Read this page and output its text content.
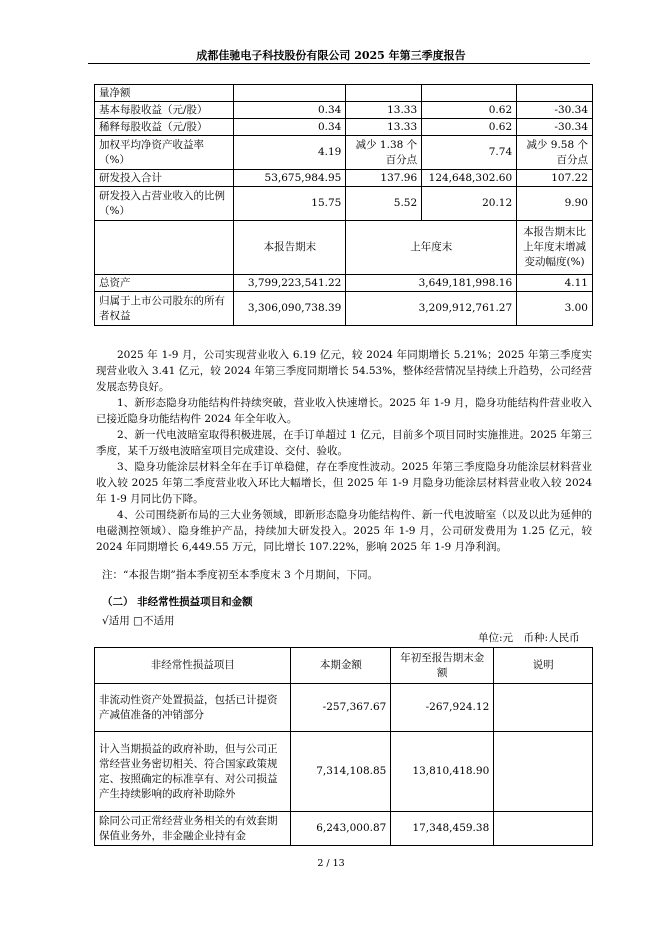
成都佳驰电子科技股份有限公司 2025 年第三季度报告
量净额				
基本每股收益（元/股）	0.34	13.33	0.62	-30.34
稀释每股收益（元/股）	0.34	13.33	0.62	-30.34
加权平均净资产收益率（%）	4.19	减少 1.38 个百分点	7.74	减少 9.58 个百分点
研发投入合计	53,675,984.95	137.96	124,648,302.60	107.22
研发投入占营业收入的比例（%）	15.75	5.52	20.12	9.90
	本报告期末	上年度末		本报告期末比上年度末增减变动幅度(%)
总资产	3,799,223,541.22	3,649,181,998.16		4.11
归属于上市公司股东的所有者权益	3,306,090,738.39	3,209,912,761.27		3.00

2025 年 1-9 月，公司实现营业收入 6.19 亿元，较 2024 年同期增长 5.21%；2025 年第三季度实现营业收入 3.41 亿元，较 2024 年第三季度同期增长 54.53%，整体经营情况呈持续上升趋势，公司经营发展态势良好。

1、新形态隐身功能结构件持续突破，营业收入快速增长。2025 年 1-9 月，隐身功能结构件营业收入已接近隐身功能结构件 2024 年全年收入。

2、新一代电波暗室取得积极进展，在手订单超过 1 亿元，目前多个项目同时实施推进。2025 年第三季度，某千万级电波暗室项目完成建设、交付、验收。

3、隐身功能涂层材料全年在手订单稳健，存在季度性波动。2025 年第三季度隐身功能涂层材料营业收入较 2025 年第二季度营业收入环比大幅增长，但 2025 年 1-9 月隐身功能涂层材料营业收入较 2024 年 1-9 月同比仍下降。

4、公司围绕新布局的三大业务领域，即新形态隐身功能结构件、新一代电波暗室（以及以此为延伸的电磁测控领域）、隐身维护产品，持续加大研发投入。2025 年 1-9 月，公司研发费用为 1.25 亿元，较 2024 年同期增长 6,449.55 万元，同比增长 107.22%，影响 2025 年 1-9 月净利润。

注：“本报告期”指本季度初至本季度末 3 个月期间，下同。
（二） 非经常性损益项目和金额
√适用 □不适用
单位:元　币种:人民币
非经常性损益项目	本期金额	年初至报告期末金额	说明
非流动性资产处置损益，包括已计提资产减值准备的冲销部分	-257,367.67	-267,924.12	
计入当期损益的政府补助，但与公司正常经营业务密切相关、符合国家政策规定、按照确定的标准享有、对公司损益产生持续影响的政府补助除外	7,314,108.85	13,810,418.90	
除同公司正常经营业务相关的有效套期保值业务外，非金融企业持有金	6,243,000.87	17,348,459.38	
2 / 13
